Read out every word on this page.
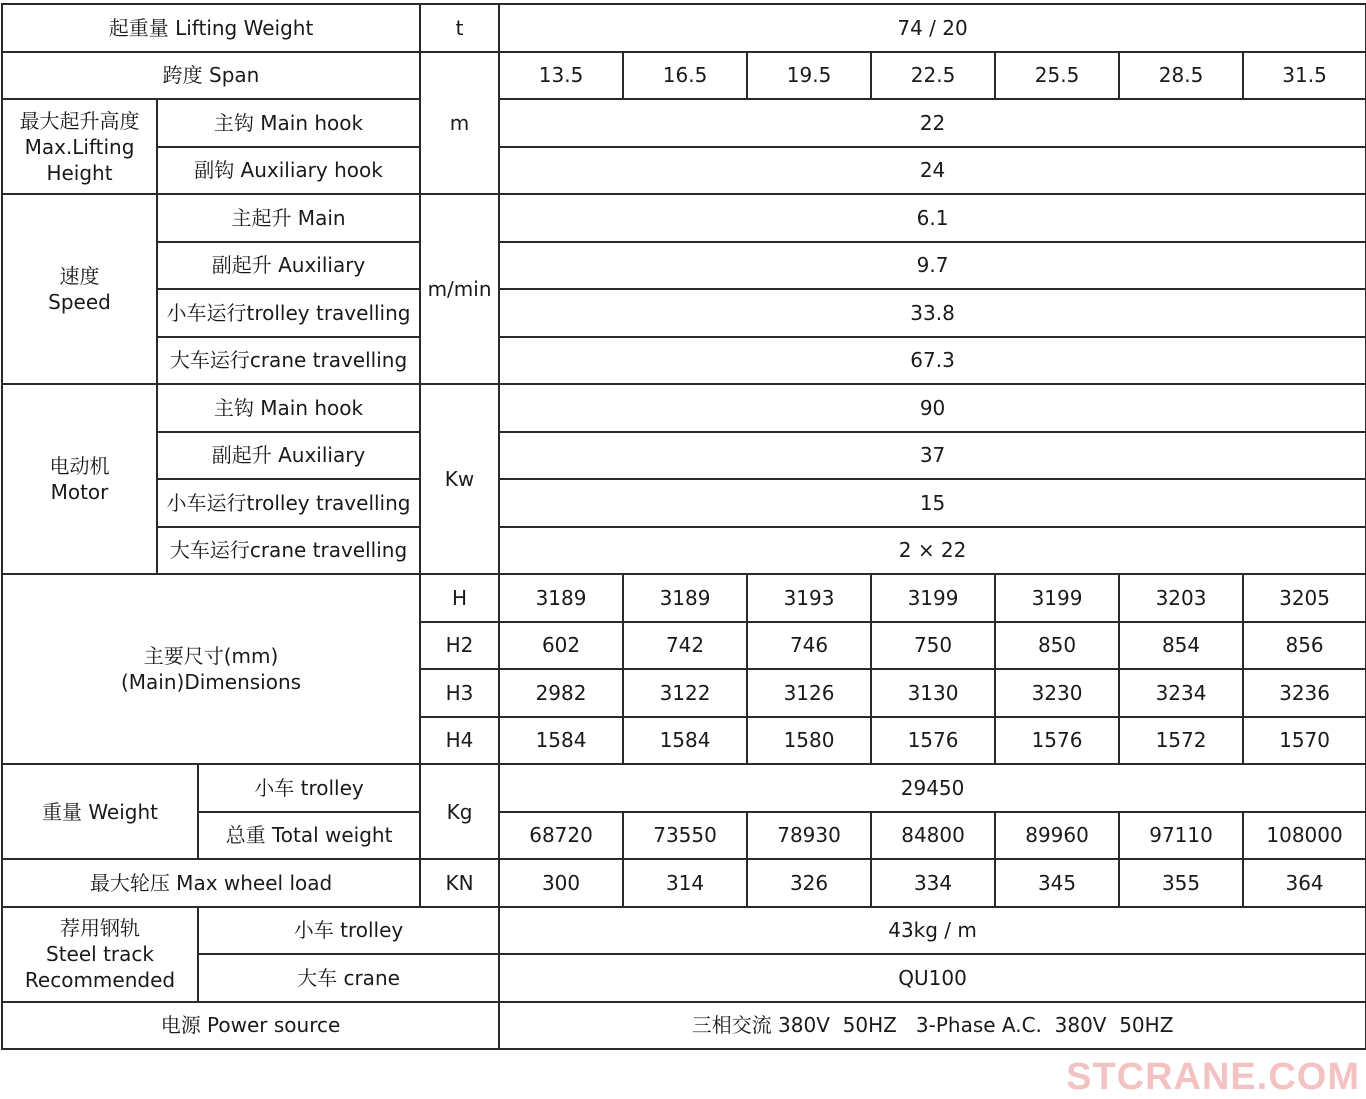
起重量 Lifting Weight			t	74 / 20						
跨度 Span			m	13.5	16.5	19.5	22.5	25.5	28.5	31.5

最大起升高度
Max.Lifting
Height	主钩 Main hook			22						
	副钩 Auxiliary hook			24						

速度
Speed	主起升 Main		m/min	6.1						
	副起升 Auxiliary			9.7						
	小车运行trolley travelling			33.8						
	大车运行crane travelling			67.3						

电动机
Motor	主钩 Main hook		Kw	90						
	副起升 Auxiliary			37						
	小车运行trolley travelling			15						
	大车运行crane travelling			2 × 22						

主要尺寸(mm)
(Main)Dimensions			H	3189	3189	3193	3199	3199	3203	3205
			H2	602	742	746	750	850	854	856
			H3	2982	3122	3126	3130	3230	3234	3236
			H4	1584	1584	1580	1576	1576	1572	1570
重量 Weight		小车 trolley	Kg	29450						
		总重 Total weight		68720	73550	78930	84800	89960	97110	108000
最大轮压 Max wheel load			KN	300	314	326	334	345	355	364

荐用钢轨
Steel track
Recommended		小车 trolley		43kg / m						
		大车 crane		QU100						
电源 Power source				三相交流 380V  50HZ   3-Phase A.C.  380V  50HZ						
STCRANE.COM
